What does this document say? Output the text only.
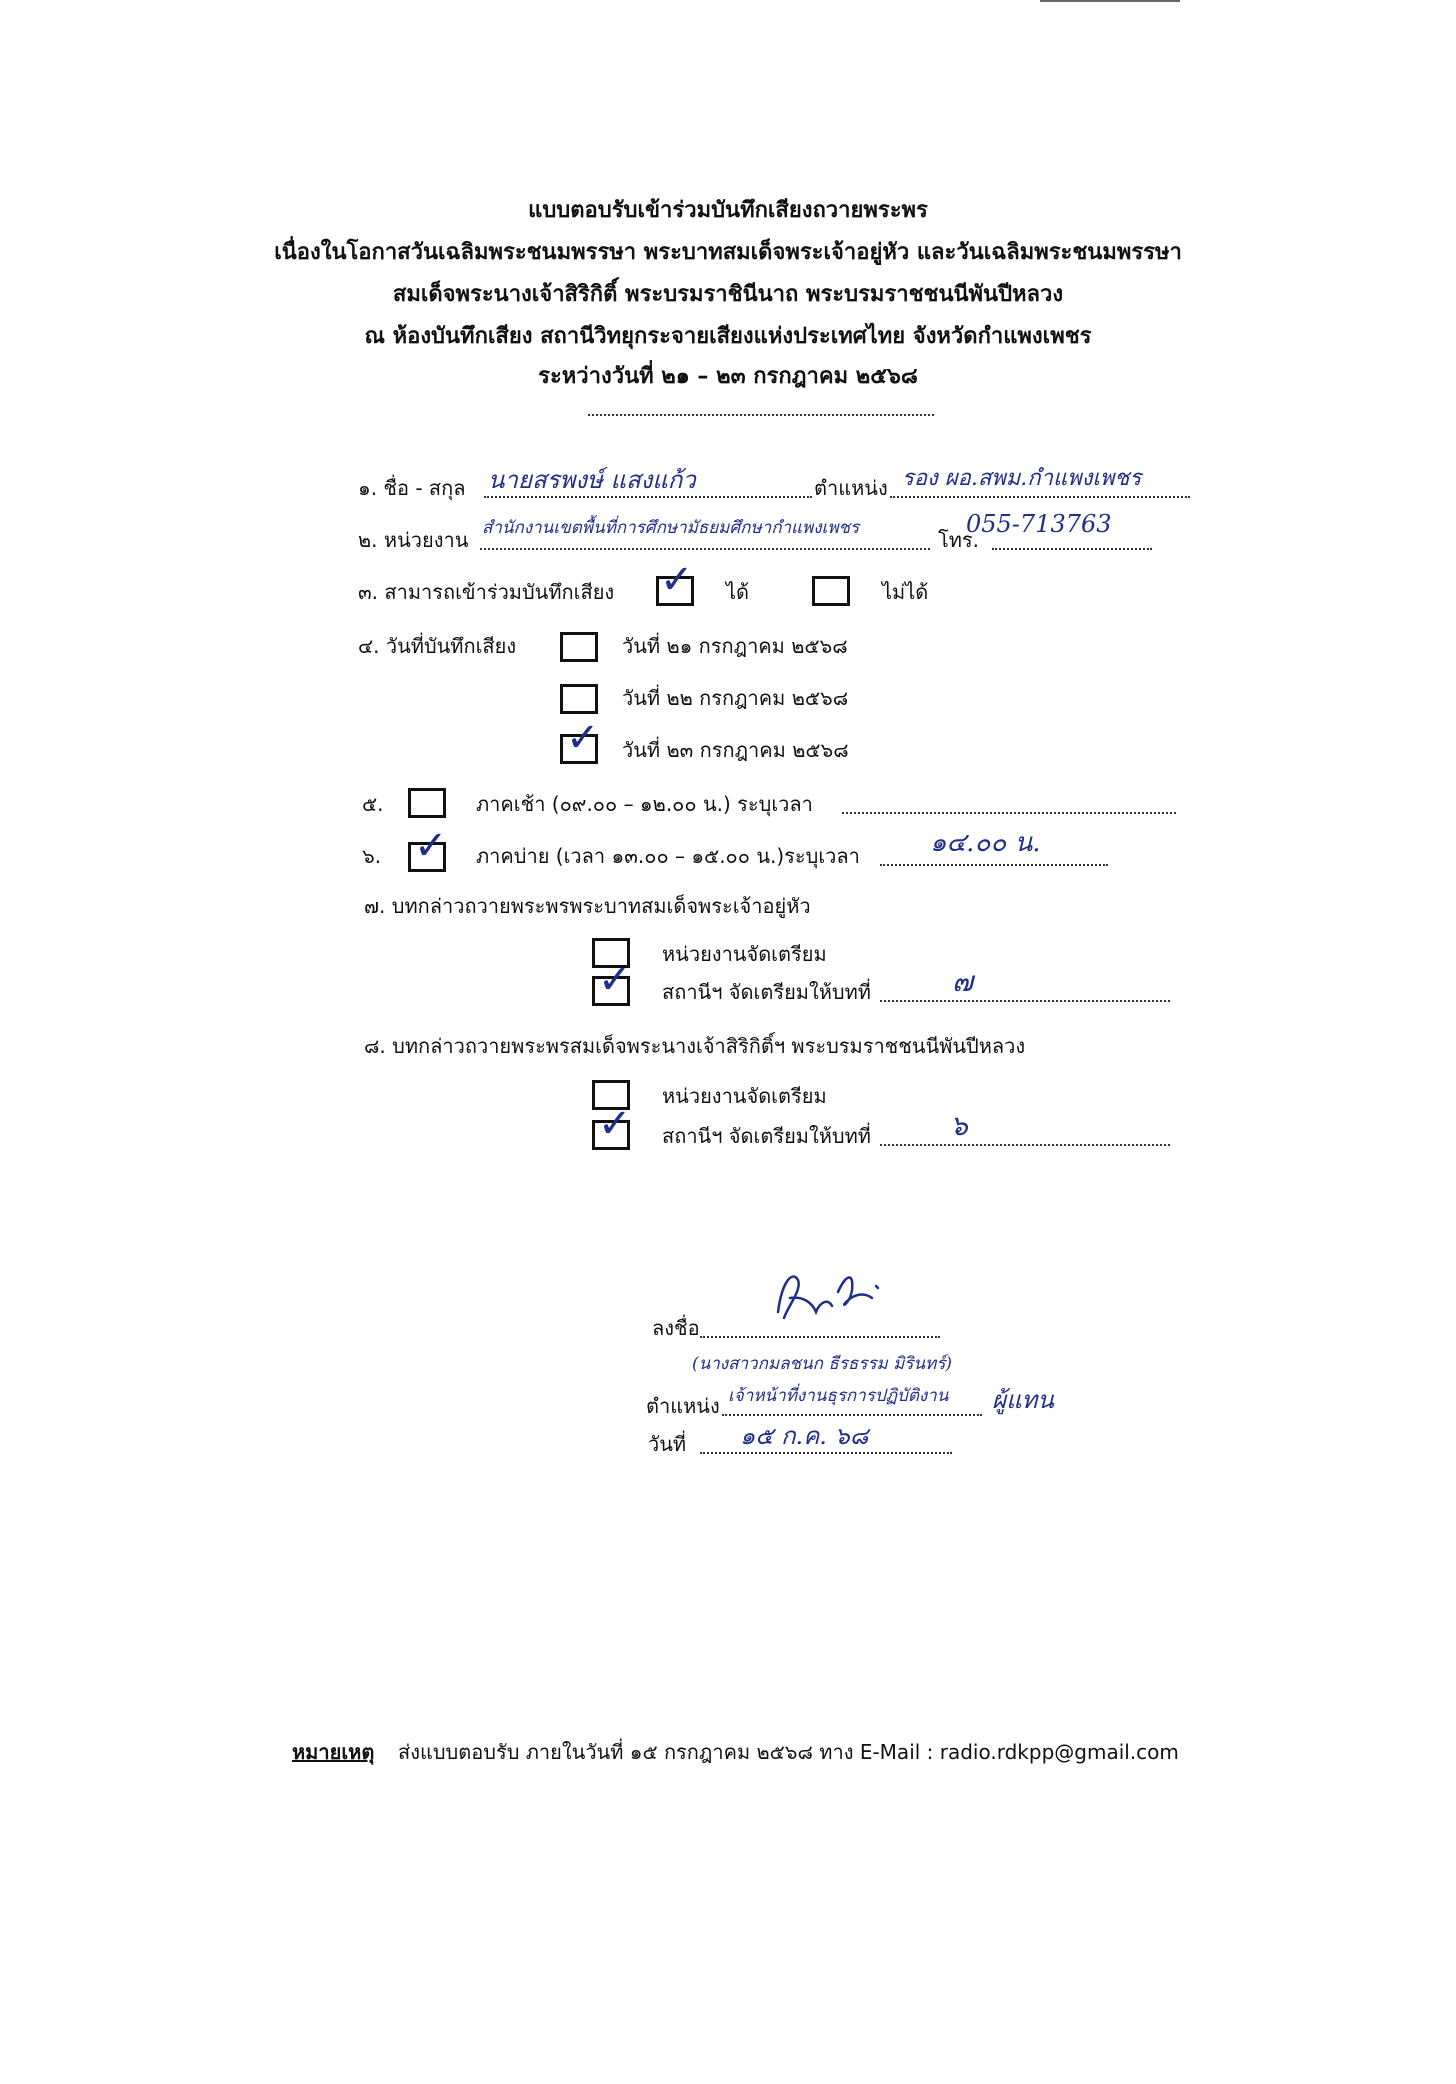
แบบตอบรับเข้าร่วมบันทึกเสียงถวายพระพร
เนื่องในโอกาสวันเฉลิมพระชนมพรรษา พระบาทสมเด็จพระเจ้าอยู่หัว และวันเฉลิมพระชนมพรรษา
สมเด็จพระนางเจ้าสิริกิติ์ พระบรมราชินีนาถ พระบรมราชชนนีพันปีหลวง
ณ ห้องบันทึกเสียง สถานีวิทยุกระจายเสียงแห่งประเทศไทย จังหวัดกำแพงเพชร
ระหว่างวันที่ ๒๑ – ๒๓ กรกฎาคม ๒๕๖๘
๑. ชื่อ - สกุล นายสรพงษ์ แสงแก้ว	ตำแหน่ง รอง ผอ.สพม.กำแพงเพชร
๒. หน่วยงาน สำนักงานเขตพื้นที่การศึกษามัธยมศึกษากำแพงเพชร	โทร.
055-713763
๓. สามารถเข้าร่วมบันทึกเสียง ✓ ได้	ไม่ได้
๔. วันที่บันทึกเสียง	วันที่ ๒๑ กรกฎาคม ๒๕๖๘
วันที่ ๒๒ กรกฎาคม ๒๕๖๘
✓ วันที่ ๒๓ กรกฎาคม ๒๕๖๘
๕.	ภาคเช้า (๐๙.๐๐ – ๑๒.๐๐ น.) ระบุเวลา
๖. ✓ ภาคบ่าย (เวลา ๑๓.๐๐ – ๑๕.๐๐ น.)ระบุเวลา	๑๔.๐๐ น.
๗. บทกล่าวถวายพระพรพระบาทสมเด็จพระเจ้าอยู่หัว
หน่วยงานจัดเตรียม
✓ สถานีฯ จัดเตรียมให้บทที่	๗
๘. บทกล่าวถวายพระพรสมเด็จพระนางเจ้าสิริกิติ์ฯ พระบรมราชชนนีพันปีหลวง
หน่วยงานจัดเตรียม
✓ สถานีฯ จัดเตรียมให้บทที่	๖
ลงชื่อ
(นางสาวกมลชนก ธีรธรรม มิรินทร์)
ตำแหน่ง เจ้าหน้าที่งานธุรการปฏิบัติงาน ผู้แทน
วันที่ ๑๕ ก.ค. ๖๘
หมายเหตุ ส่งแบบตอบรับ ภายในวันที่ ๑๕ กรกฎาคม ๒๕๖๘ ทาง E-Mail : radio.rdkpp@gmail.com
